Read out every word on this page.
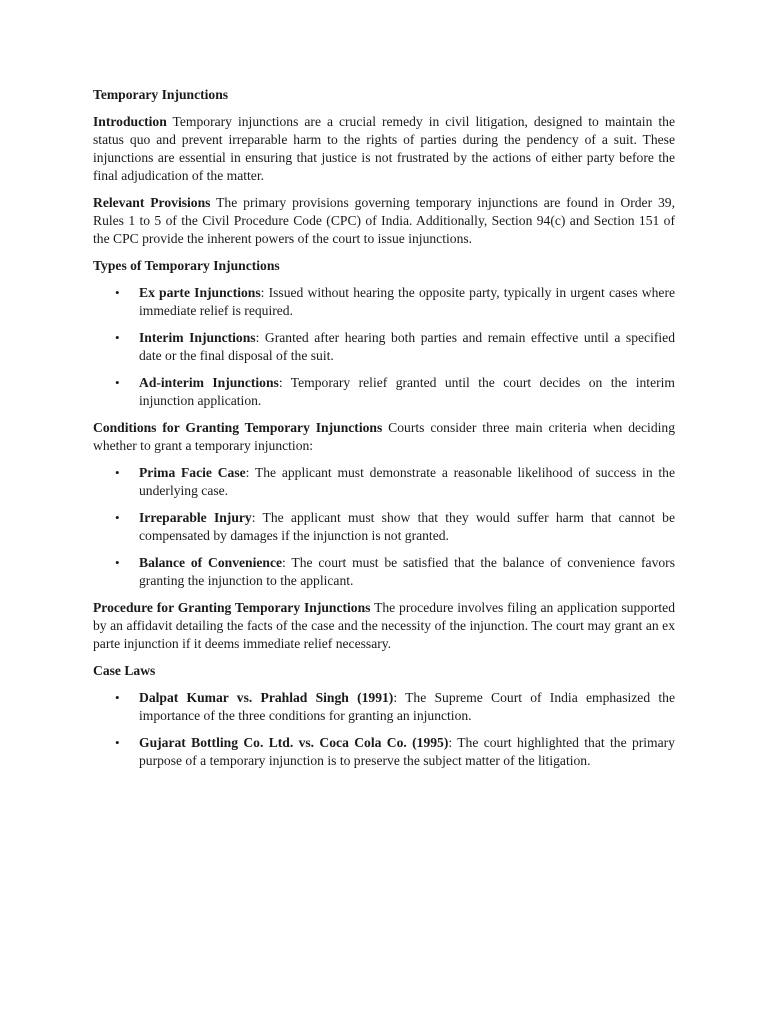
Temporary Injunctions

Introduction Temporary injunctions are a crucial remedy in civil litigation, designed to maintain the status quo and prevent irreparable harm to the rights of parties during the pendency of a suit. These injunctions are essential in ensuring that justice is not frustrated by the actions of either party before the final adjudication of the matter.

Relevant Provisions The primary provisions governing temporary injunctions are found in Order 39, Rules 1 to 5 of the Civil Procedure Code (CPC) of India. Additionally, Section 94(c) and Section 151 of the CPC provide the inherent powers of the court to issue injunctions.

Types of Temporary Injunctions

• Ex parte Injunctions: Issued without hearing the opposite party, typically in urgent cases where immediate relief is required.
• Interim Injunctions: Granted after hearing both parties and remain effective until a specified date or the final disposal of the suit.
• Ad-interim Injunctions: Temporary relief granted until the court decides on the interim injunction application.

Conditions for Granting Temporary Injunctions Courts consider three main criteria when deciding whether to grant a temporary injunction:

• Prima Facie Case: The applicant must demonstrate a reasonable likelihood of success in the underlying case.
• Irreparable Injury: The applicant must show that they would suffer harm that cannot be compensated by damages if the injunction is not granted.
• Balance of Convenience: The court must be satisfied that the balance of convenience favors granting the injunction to the applicant.

Procedure for Granting Temporary Injunctions The procedure involves filing an application supported by an affidavit detailing the facts of the case and the necessity of the injunction. The court may grant an ex parte injunction if it deems immediate relief necessary.

Case Laws

• Dalpat Kumar vs. Prahlad Singh (1991): The Supreme Court of India emphasized the importance of the three conditions for granting an injunction.
• Gujarat Bottling Co. Ltd. vs. Coca Cola Co. (1995): The court highlighted that the primary purpose of a temporary injunction is to preserve the subject matter of the litigation.
